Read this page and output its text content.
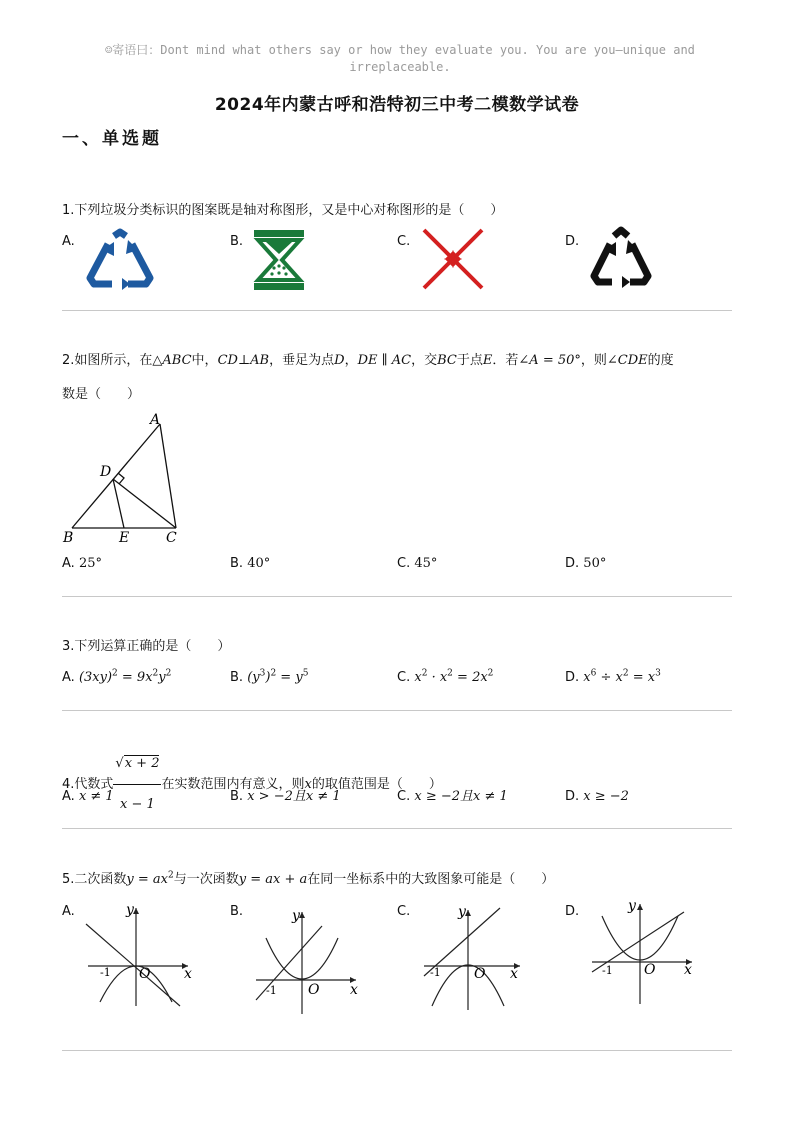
☺寄语曰：Dont mind what others say or how they evaluate you. You are you—unique and
irreplaceable.
2024年内蒙古呼和浩特初三中考二模数学试卷
一、单选题
1.下列垃圾分类标识的图案既是轴对称图形，又是中心对称图形的是（　　）
A.	B.	C.	D.
2.如图所示，在△ABC中，CD⊥AB，垂足为点D，DE ∥ AC，交BC于点E．若∠A = 50°，则∠CDE的度
数是（　　）
A
D
B	E	C
A. 25°	B. 40°	C. 45°	D. 50°
3.下列运算正确的是（　　）
A. $(3xy)^2 = 9x^2y^2$	B. $(y^3)^2 = y^5$	C. $x^2 \cdot x^2 = 2x^2$	D. $x^6 \div x^2 = x^3$
4.代数式 $\frac{√x + 2}{x - 1}$ 在实数范围内有意义，则x的取值范围是（　　）
A. x ≠ 1	B. x > −2且x ≠ 1	C. x ≥ −2且x ≠ 1	D. x ≥ −2
5.二次函数$y = ax^2$与一次函数y = ax + a在同一坐标系中的大致图象可能是（　　）
A.	B.	C.	D.
x
y
O
-1
x
y
O
-1
x
y
O
-1	x
y
O
-1
